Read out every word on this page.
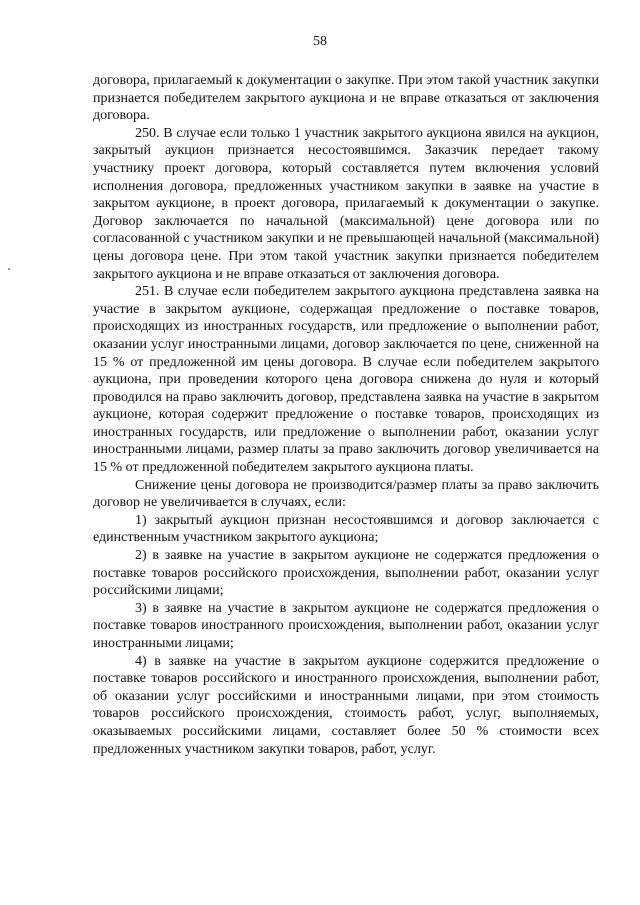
58

договора, прилагаемый к документации о закупке. При этом такой участник закупки признается победителем закрытого аукциона и не вправе отказаться от заключения договора.

250. В случае если только 1 участник закрытого аукциона явился на аукцион, закрытый аукцион признается несостоявшимся. Заказчик передает такому участнику проект договора, который составляется путем включения условий исполнения договора, предложенных участником закупки в заявке на участие в закрытом аукционе, в проект договора, прилагаемый к документации о закупке. Договор заключается по начальной (максимальной) цене договора или по согласованной с участником закупки и не превышающей начальной (максимальной) цены договора цене. При этом такой участник закупки признается победителем закрытого аукциона и не вправе отказаться от заключения договора.

251. В случае если победителем закрытого аукциона представлена заявка на участие в закрытом аукционе, содержащая предложение о поставке товаров, происходящих из иностранных государств, или предложение о выполнении работ, оказании услуг иностранными лицами, договор заключается по цене, сниженной на 15 % от предложенной им цены договора. В случае если победителем закрытого аукциона, при проведении которого цена договора снижена до нуля и который проводился на право заключить договор, представлена заявка на участие в закрытом аукционе, которая содержит предложение о поставке товаров, происходящих из иностранных государств, или предложение о выполнении работ, оказании услуг иностранными лицами, размер платы за право заключить договор увеличивается на 15 % от предложенной победителем закрытого аукциона платы.

Снижение цены договора не производится/размер платы за право заключить договор не увеличивается в случаях, если:

1) закрытый аукцион признан несостоявшимся и договор заключается с единственным участником закрытого аукциона;

2) в заявке на участие в закрытом аукционе не содержатся предложения о поставке товаров российского происхождения, выполнении работ, оказании услуг российскими лицами;

3) в заявке на участие в закрытом аукционе не содержатся предложения о поставке товаров иностранного происхождения, выполнении работ, оказании услуг иностранными лицами;

4) в заявке на участие в закрытом аукционе содержится предложение о поставке товаров российского и иностранного происхождения, выполнении работ, об оказании услуг российскими и иностранными лицами, при этом стоимость товаров российского происхождения, стоимость работ, услуг, выполняемых, оказываемых российскими лицами, составляет более 50 % стоимости всех предложенных участником закупки товаров, работ, услуг.
